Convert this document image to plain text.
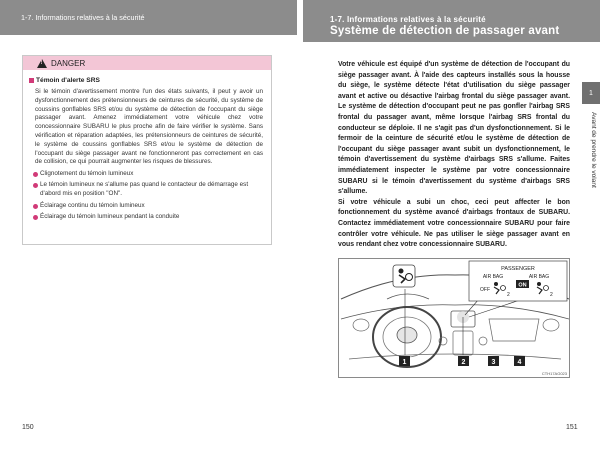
1-7. Informations relatives à la sécurité
!
DANGER
Témoin d'alerte SRS

Si le témoin d'avertissement montre l'un des états suivants, il peut y avoir un dysfonctionnement des prétensionneurs de ceintures de sécurité, du système de coussins gonflables SRS et/ou du système de détection de l'occupant du siège passager avant. Amenez immédiatement votre véhicule chez votre concessionnaire SUBARU le plus proche afin de faire vérifier le système. Sans vérification et réparation adaptées, les prétensionneurs de ceintures de sécurité, le système de coussins gonflables SRS et/ou le système de détection de l'occupant du siège passager avant ne fonctionneront pas correctement en cas de collision, ce qui pourrait augmenter les risques de blessures.

Clignotement du témoin lumineux
Le témoin lumineux ne s'allume pas quand le contacteur de démarrage est d'abord mis en position "ON".
Éclairage continu du témoin lumineux
Éclairage du témoin lumineux pendant la conduite
150
1-7. Informations relatives à la sécurité
Système de détection de passager avant

Votre véhicule est équipé d'un système de détection de l'occupant du siège passager avant. À l'aide des capteurs installés sous la housse du siège, le système détecte l'état d'utilisation du siège passager avant et active ou désactive l'airbag frontal du siège passager avant. Le système de détection d'occupant peut ne pas gonfler l'airbag SRS frontal du passager avant, même lorsque l'airbag SRS frontal du conducteur se déploie. Il ne s'agit pas d'un dysfonctionnement. Si le fermoir de la ceinture de sécurité et/ou le système de détection de l'occupant du siège passager avant subit un dysfonctionnement, le témoin d'avertissement du système d'airbags SRS s'allume. Faites immédiatement inspecter le système par votre concessionnaire SUBARU si le témoin d'avertissement du système d'airbags SRS s'allume.

Si votre véhicule a subi un choc, ceci peut affecter le bon fonctionnement du système avancé d'airbags frontaux de SUBARU. Contactez immédiatement votre concessionnaire SUBARU pour faire contrôler votre véhicule. Ne pas utiliser le siège passager avant en vous rendant chez votre concessionnaire SUBARU.

1
Avant de prendre le volant
PASSENGER
AIR BAG	AIR BAG
OFF
ON
2	2
1	2	3	4
CTH17AG023
151
